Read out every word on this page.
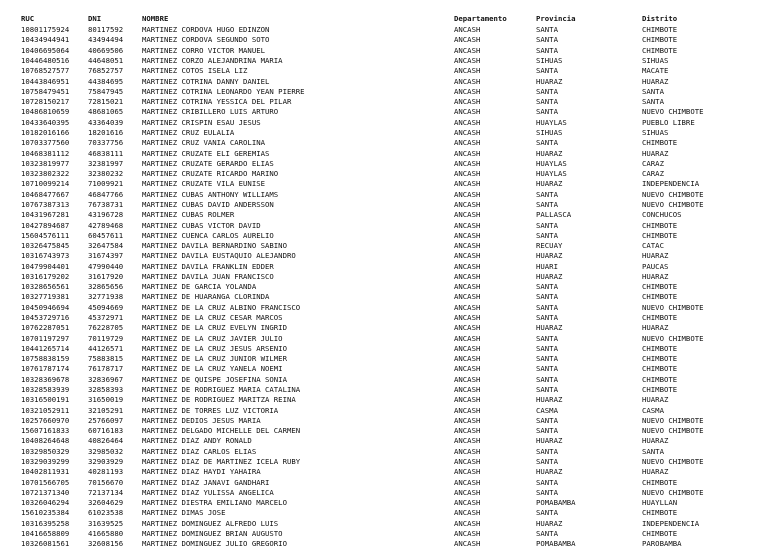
RUC	DNI	NOMBRE	Departamento	Provincia	Distrito
10801175924	80117592	MARTINEZ CORDOVA HUGO EDINZON	ANCASH	SANTA	CHIMBOTE
10434944941	43494494	MARTINEZ CORDOVA SEGUNDO SOTO	ANCASH	SANTA	CHIMBOTE
10406695064	40669506	MARTINEZ CORRO VICTOR MANUEL	ANCASH	SANTA	CHIMBOTE
10446480516	44648051	MARTINEZ CORZO ALEJANDRINA MARIA	ANCASH	SIHUAS	SIHUAS
10768527577	76852757	MARTINEZ COTOS ISELA LIZ	ANCASH	SANTA	MACATE
10443846951	44384695	MARTINEZ COTRINA DANNY DANIEL	ANCASH	HUARAZ	HUARAZ
10758479451	75847945	MARTINEZ COTRINA LEONARDO YEAN PIERRE	ANCASH	SANTA	SANTA
10728150217	72815021	MARTINEZ COTRINA YESSICA DEL PILAR	ANCASH	SANTA	SANTA
10486810659	48681065	MARTINEZ CRIBILLERO LUIS ARTURO	ANCASH	SANTA	NUEVO CHIMBOTE
10433640395	43364039	MARTINEZ CRISPIN ESAU JESUS	ANCASH	HUAYLAS	PUEBLO LIBRE
10182016166	18201616	MARTINEZ CRUZ EULALIA	ANCASH	SIHUAS	SIHUAS
10703377560	70337756	MARTINEZ CRUZ VANIA CAROLINA	ANCASH	SANTA	CHIMBOTE
10468381112	46838111	MARTINEZ CRUZATE ELI GEREMIAS	ANCASH	HUARAZ	HUARAZ
10323819977	32381997	MARTINEZ CRUZATE GERARDO ELIAS	ANCASH	HUAYLAS	CARAZ
10323802322	32380232	MARTINEZ CRUZATE RICARDO MARINO	ANCASH	HUAYLAS	CARAZ
10710099214	71009921	MARTINEZ CRUZATE VILA EUNISE	ANCASH	HUARAZ	INDEPENDENCIA
10468477667	46847766	MARTINEZ CUBAS ANTHONY WILLIAMS	ANCASH	SANTA	NUEVO CHIMBOTE
10767387313	76738731	MARTINEZ CUBAS DAVID ANDERSSON	ANCASH	SANTA	NUEVO CHIMBOTE
10431967281	43196728	MARTINEZ CUBAS ROLMER	ANCASH	PALLASCA	CONCHUCOS
10427894687	42789468	MARTINEZ CUBAS VICTOR DAVID	ANCASH	SANTA	CHIMBOTE
15604576111	60457611	MARTINEZ CUENCA CARLOS AURELIO	ANCASH	SANTA	CHIMBOTE
10326475845	32647584	MARTINEZ DAVILA BERNARDINO SABINO	ANCASH	RECUAY	CATAC
10316743973	31674397	MARTINEZ DAVILA EUSTAQUIO ALEJANDRO	ANCASH	HUARAZ	HUARAZ
10479904401	47990440	MARTINEZ DAVILA FRANKLIN EDDER	ANCASH	HUARI	PAUCAS
10316179202	31617920	MARTINEZ DAVILA JUAN FRANCISCO	ANCASH	HUARAZ	HUARAZ
10328656561	32865656	MARTINEZ DE GARCIA YOLANDA	ANCASH	SANTA	CHIMBOTE
10327719381	32771938	MARTINEZ DE HUARANGA CLORINDA	ANCASH	SANTA	CHIMBOTE
10450946694	45094669	MARTINEZ DE LA CRUZ ALBINO FRANCISCO	ANCASH	SANTA	NUEVO CHIMBOTE
10453729716	45372971	MARTINEZ DE LA CRUZ CESAR MARCOS	ANCASH	SANTA	CHIMBOTE
10762287051	76228705	MARTINEZ DE LA CRUZ EVELYN INGRID	ANCASH	HUARAZ	HUARAZ
10701197297	70119729	MARTINEZ DE LA CRUZ JAVIER JULIO	ANCASH	SANTA	NUEVO CHIMBOTE
10441265714	44126571	MARTINEZ DE LA CRUZ JESUS ARSENIO	ANCASH	SANTA	CHIMBOTE
10758838159	75883815	MARTINEZ DE LA CRUZ JUNIOR WILMER	ANCASH	SANTA	CHIMBOTE
10761787174	76178717	MARTINEZ DE LA CRUZ YANELA NOEMI	ANCASH	SANTA	CHIMBOTE
10328369678	32836967	MARTINEZ DE QUISPE JOSEFINA SONIA	ANCASH	SANTA	CHIMBOTE
10328583939	32858393	MARTINEZ DE RODRIGUEZ MARIA CATALINA	ANCASH	SANTA	CHIMBOTE
10316500191	31650019	MARTINEZ DE RODRIGUEZ MARITZA REINA	ANCASH	HUARAZ	HUARAZ
10321052911	32105291	MARTINEZ DE TORRES LUZ VICTORIA	ANCASH	CASMA	CASMA
10257660970	25766097	MARTINEZ DEDIOS JESUS MARIA	ANCASH	SANTA	NUEVO CHIMBOTE
15607161833	60716183	MARTINEZ DELGADO MICHELLE DEL CARMEN	ANCASH	SANTA	NUEVO CHIMBOTE
10408264648	40826464	MARTINEZ DIAZ ANDY RONALD	ANCASH	HUARAZ	HUARAZ
10329850329	32985032	MARTINEZ DIAZ CARLOS ELIAS	ANCASH	SANTA	SANTA
10329039299	32903929	MARTINEZ DIAZ DE MARTINEZ ICELA RUBY	ANCASH	SANTA	NUEVO CHIMBOTE
10402811931	40281193	MARTINEZ DIAZ HAYDI YAHAIRA	ANCASH	HUARAZ	HUARAZ
10701566705	70156670	MARTINEZ DIAZ JANAVI GANDHARI	ANCASH	SANTA	CHIMBOTE
10721371340	72137134	MARTINEZ DIAZ YULISSA ANGELICA	ANCASH	SANTA	NUEVO CHIMBOTE
10326046294	32604629	MARTINEZ DIESTRA EMILIANO MARCELO	ANCASH	POMABAMBA	HUAYLLAN
15610235384	61023538	MARTINEZ DIMAS JOSE	ANCASH	SANTA	CHIMBOTE
10316395258	31639525	MARTINEZ DOMINGUEZ ALFREDO LUIS	ANCASH	HUARAZ	INDEPENDENCIA
10416658809	41665880	MARTINEZ DOMINGUEZ BRIAN AUGUSTO	ANCASH	SANTA	CHIMBOTE
10326081561	32608156	MARTINEZ DOMINGUEZ JULIO GREGORIO	ANCASH	POMABAMBA	PAROBAMBA
